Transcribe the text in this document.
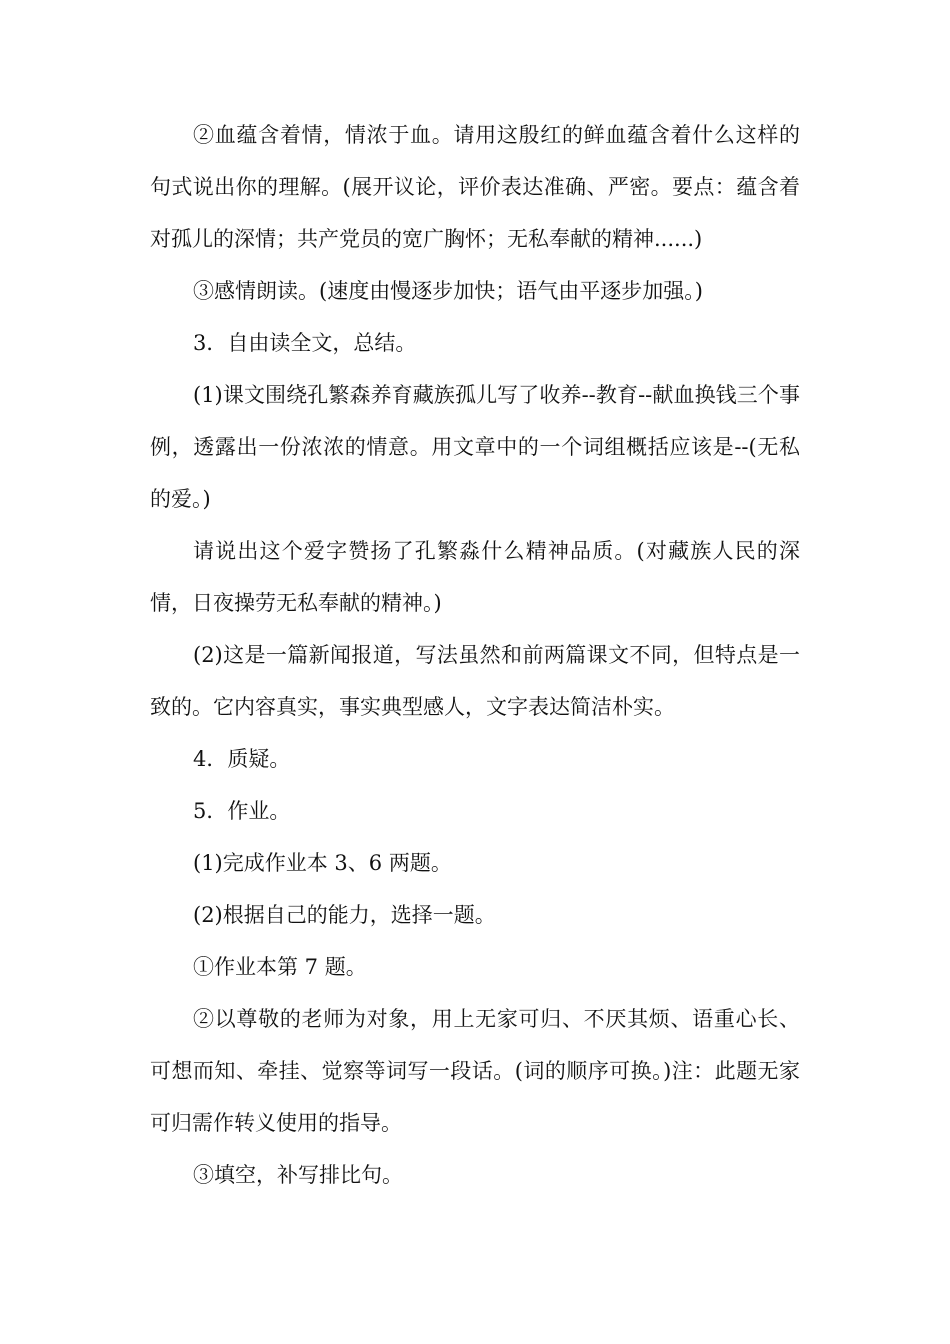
②血蕴含着情，情浓于血。请用这殷红的鲜血蕴含着什么这样的句式说出你的理解。(展开议论，评价表达准确、严密。要点：蕴含着对孤儿的深情；共产党员的宽广胸怀；无私奉献的精神......)

③感情朗读。(速度由慢逐步加快；语气由平逐步加强。)

3．自由读全文，总结。

(1)课文围绕孔繁森养育藏族孤儿写了收养--教育--献血换钱三个事例，透露出一份浓浓的情意。用文章中的一个词组概括应该是--(无私的爱。)

请说出这个爱字赞扬了孔繁淼什么精神品质。(对藏族人民的深情，日夜操劳无私奉献的精神。)

(2)这是一篇新闻报道，写法虽然和前两篇课文不同，但特点是一致的。它内容真实，事实典型感人，文字表达简洁朴实。

4．质疑。

5．作业。

(1)完成作业本 3、6 两题。

(2)根据自己的能力，选择一题。

①作业本第 7 题。

②以尊敬的老师为对象，用上无家可归、不厌其烦、语重心长、可想而知、牵挂、觉察等词写一段话。(词的顺序可换。)注：此题无家可归需作转义使用的指导。

③填空，补写排比句。
